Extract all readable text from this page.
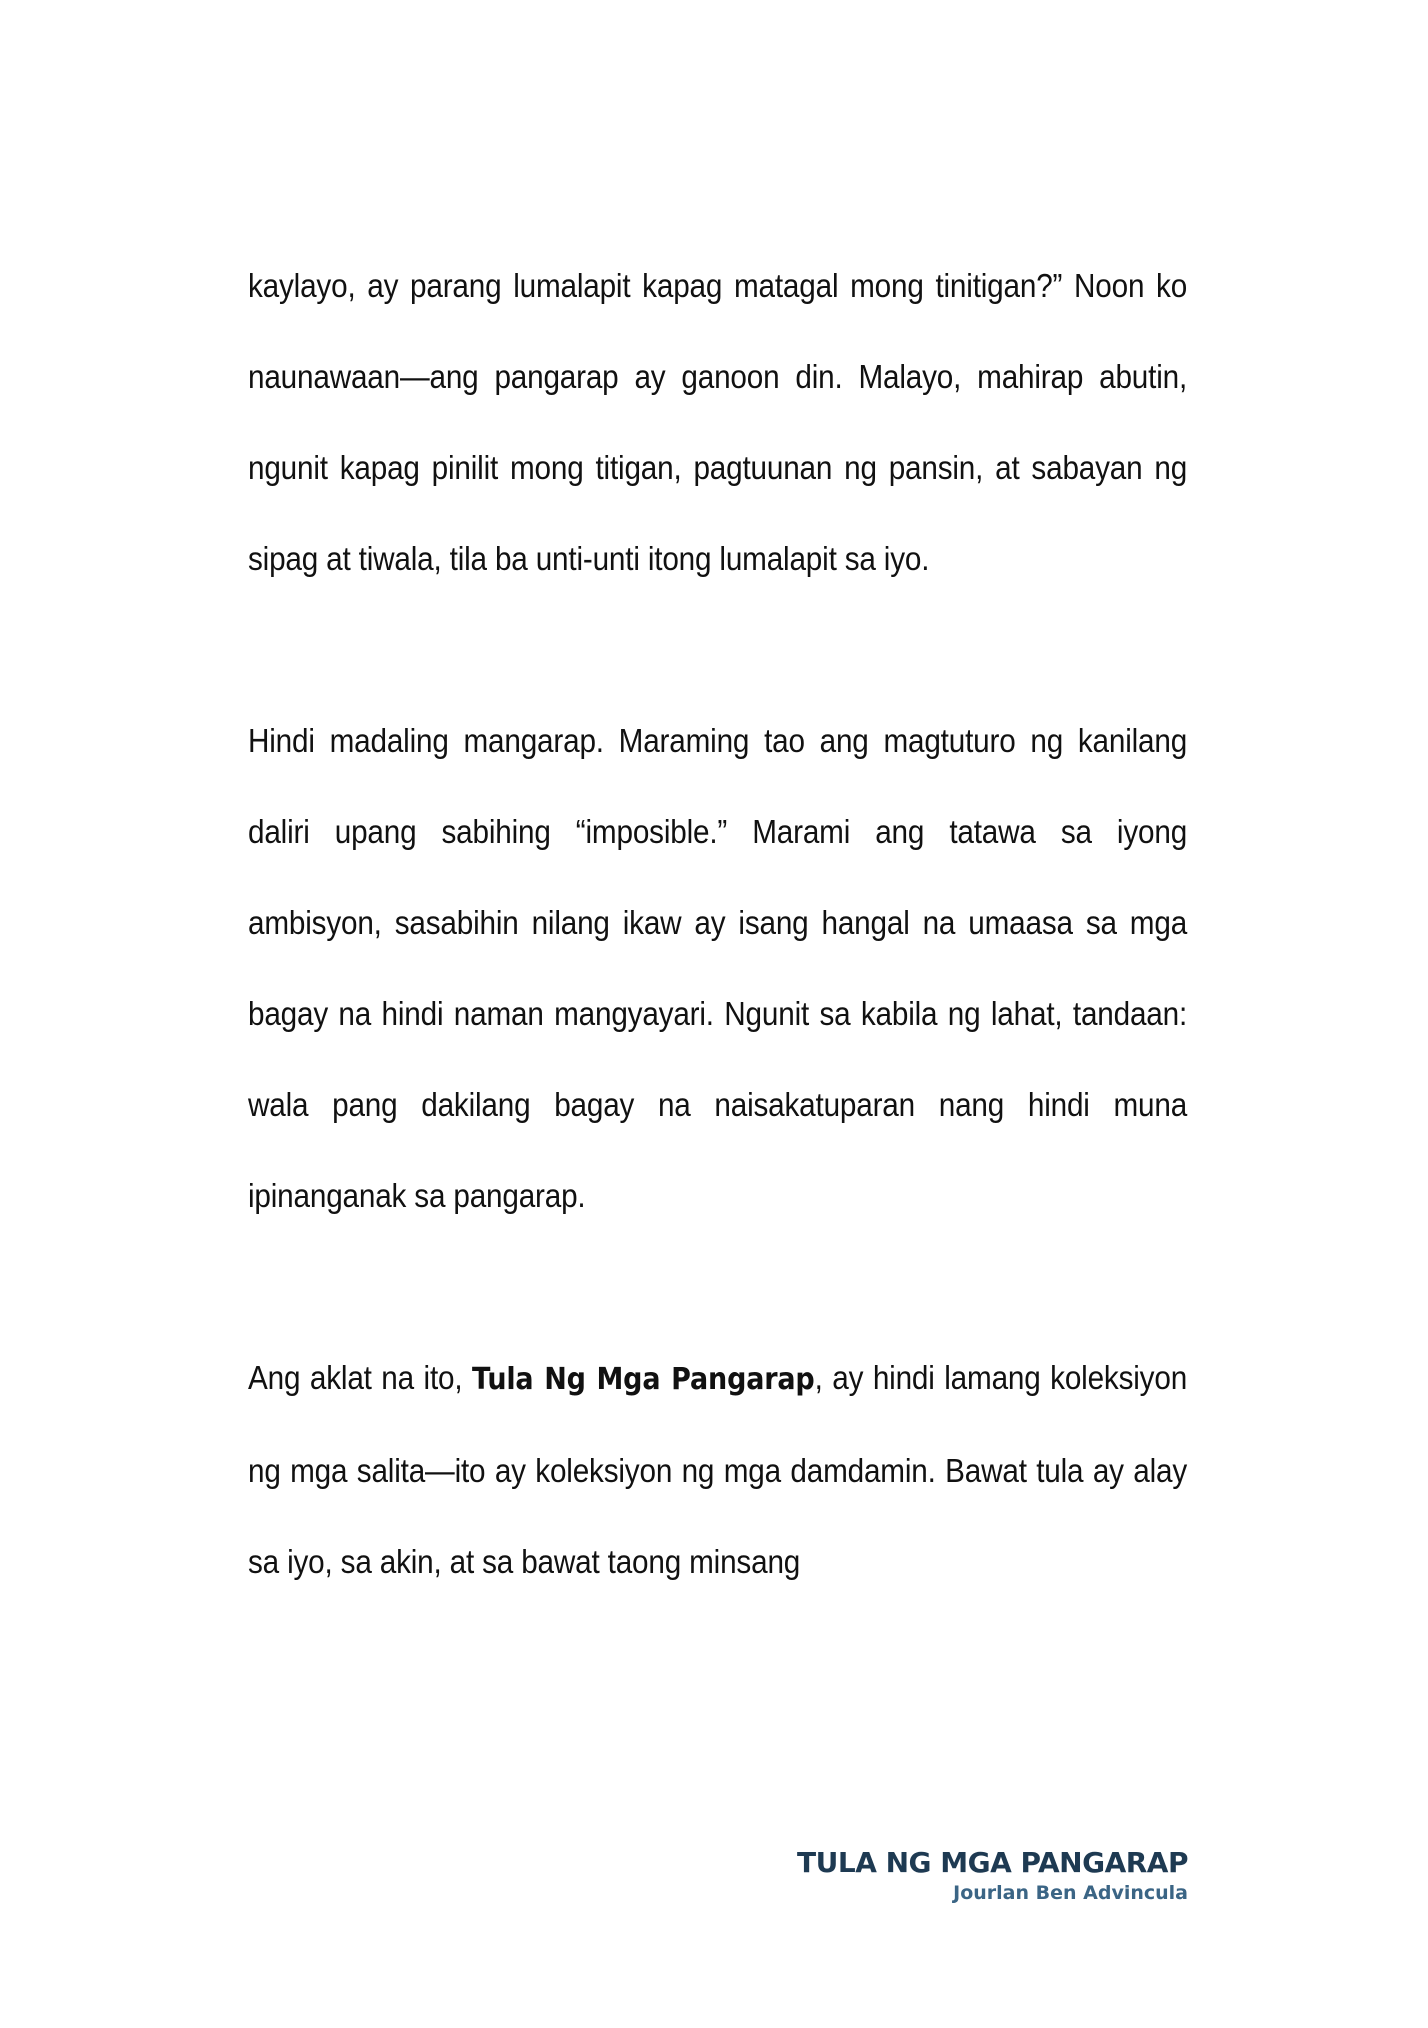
kaylayo, ay parang lumalapit kapag matagal mong tinitigan?” Noon ko naunawaan—ang pangarap ay ganoon din. Malayo, mahirap abutin, ngunit kapag pinilit mong titigan, pagtuunan ng pansin, at sabayan ng sipag at tiwala, tila ba unti-unti itong lumalapit sa iyo.

Hindi madaling mangarap. Maraming tao ang magtuturo ng kanilang daliri upang sabihing “imposible.” Marami ang tatawa sa iyong ambisyon, sasabihin nilang ikaw ay isang hangal na umaasa sa mga bagay na hindi naman mangyayari. Ngunit sa kabila ng lahat, tandaan: wala pang dakilang bagay na naisakatuparan nang hindi muna ipinanganak sa pangarap.

Ang aklat na ito, Tula Ng Mga Pangarap, ay hindi lamang koleksiyon ng mga salita—ito ay koleksiyon ng mga damdamin. Bawat tula ay alay sa iyo, sa akin, at sa bawat taong minsang

TULA NG MGA PANGARAP
Jourlan Ben Advincula
